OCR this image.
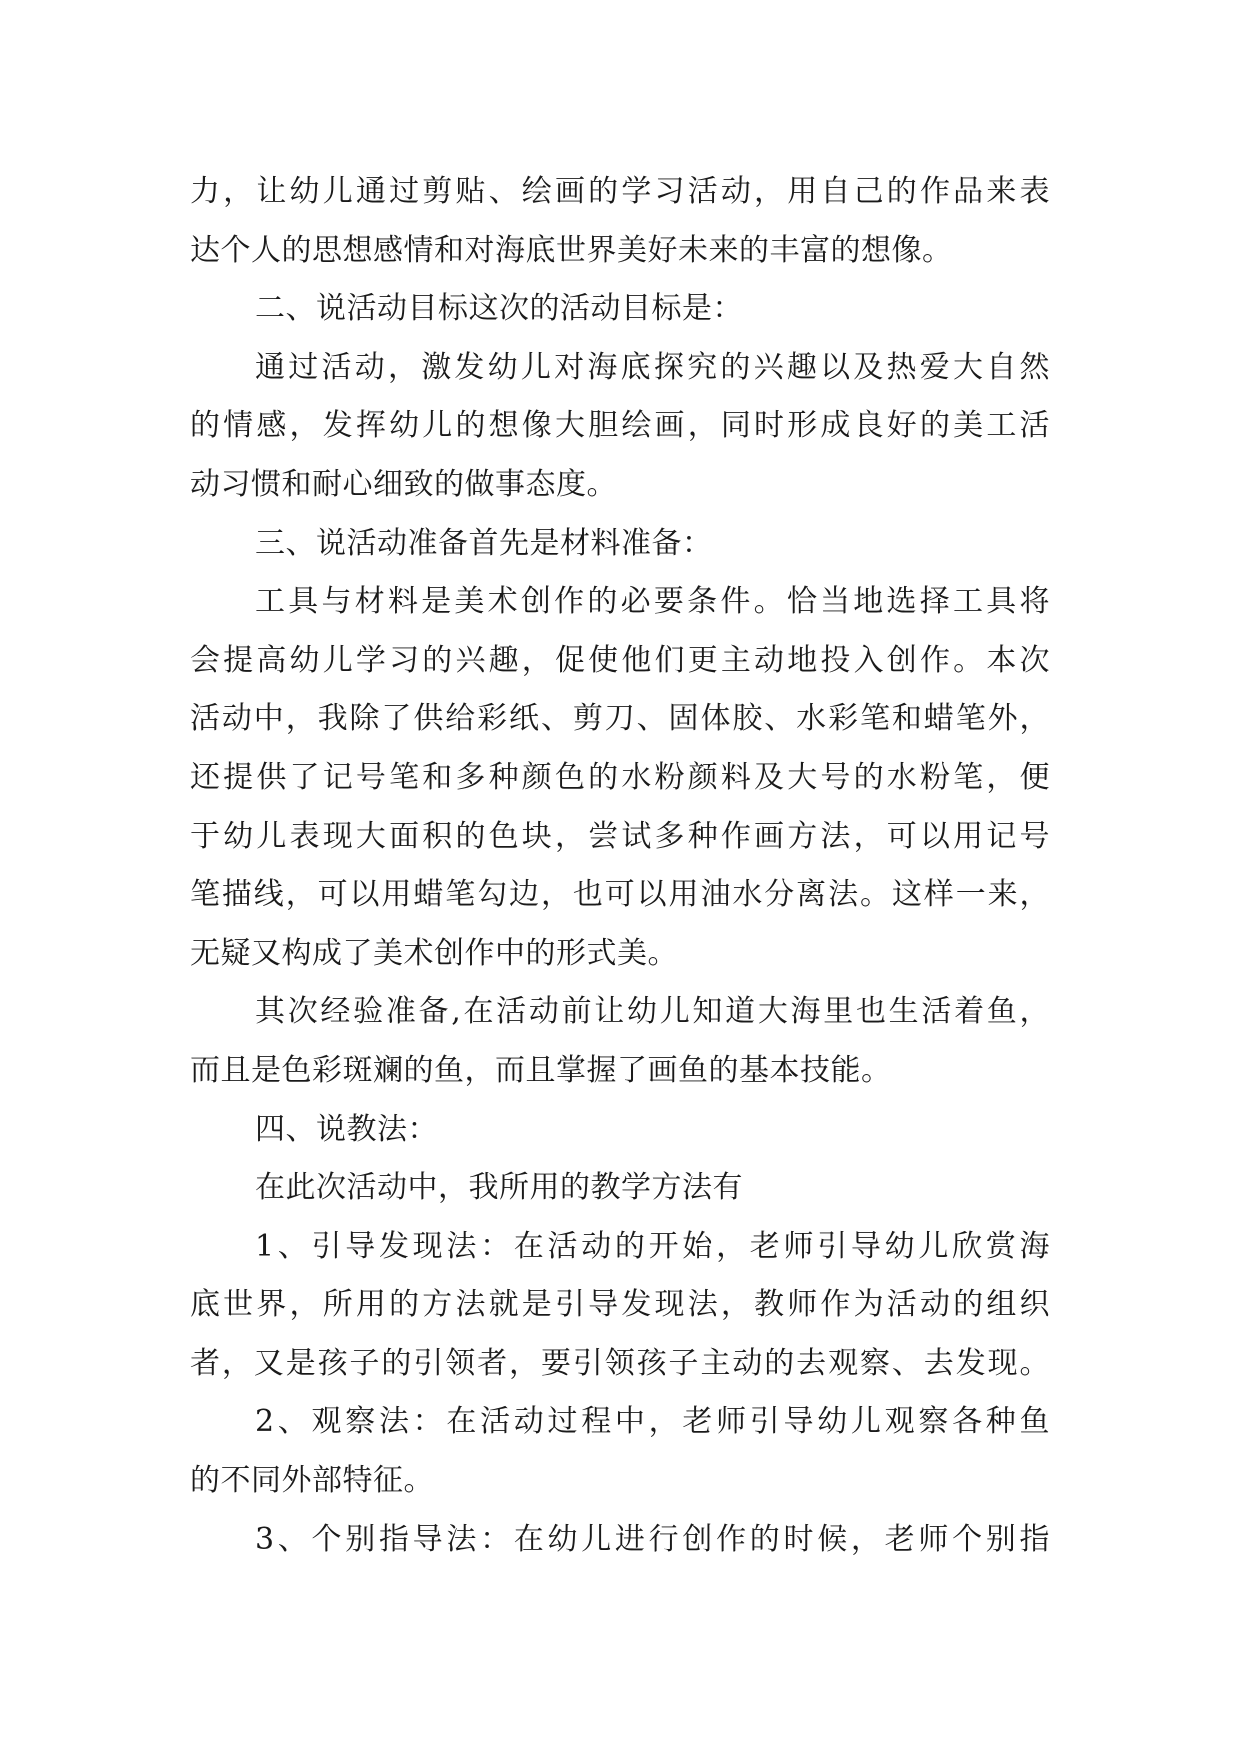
力，让幼儿通过剪贴、绘画的学习活动，用自己的作品来表
达个人的思想感情和对海底世界美好未来的丰富的想像。
二、说活动目标这次的活动目标是：
通过活动，激发幼儿对海底探究的兴趣以及热爱大自然
的情感，发挥幼儿的想像大胆绘画，同时形成良好的美工活
动习惯和耐心细致的做事态度。
三、说活动准备首先是材料准备：
工具与材料是美术创作的必要条件。恰当地选择工具将
会提高幼儿学习的兴趣，促使他们更主动地投入创作。本次
活动中，我除了供给彩纸、剪刀、固体胶、水彩笔和蜡笔外，
还提供了记号笔和多种颜色的水粉颜料及大号的水粉笔，便
于幼儿表现大面积的色块，尝试多种作画方法，可以用记号
笔描线，可以用蜡笔勾边，也可以用油水分离法。这样一来，
无疑又构成了美术创作中的形式美。
其次经验准备,在活动前让幼儿知道大海里也生活着鱼，
而且是色彩斑斓的鱼，而且掌握了画鱼的基本技能。
四、说教法：
在此次活动中，我所用的教学方法有
1、引导发现法：在活动的开始，老师引导幼儿欣赏海
底世界，所用的方法就是引导发现法，教师作为活动的组织
者，又是孩子的引领者，要引领孩子主动的去观察、去发现。
2、观察法：在活动过程中，老师引导幼儿观察各种鱼
的不同外部特征。
3、个别指导法：在幼儿进行创作的时候，老师个别指
